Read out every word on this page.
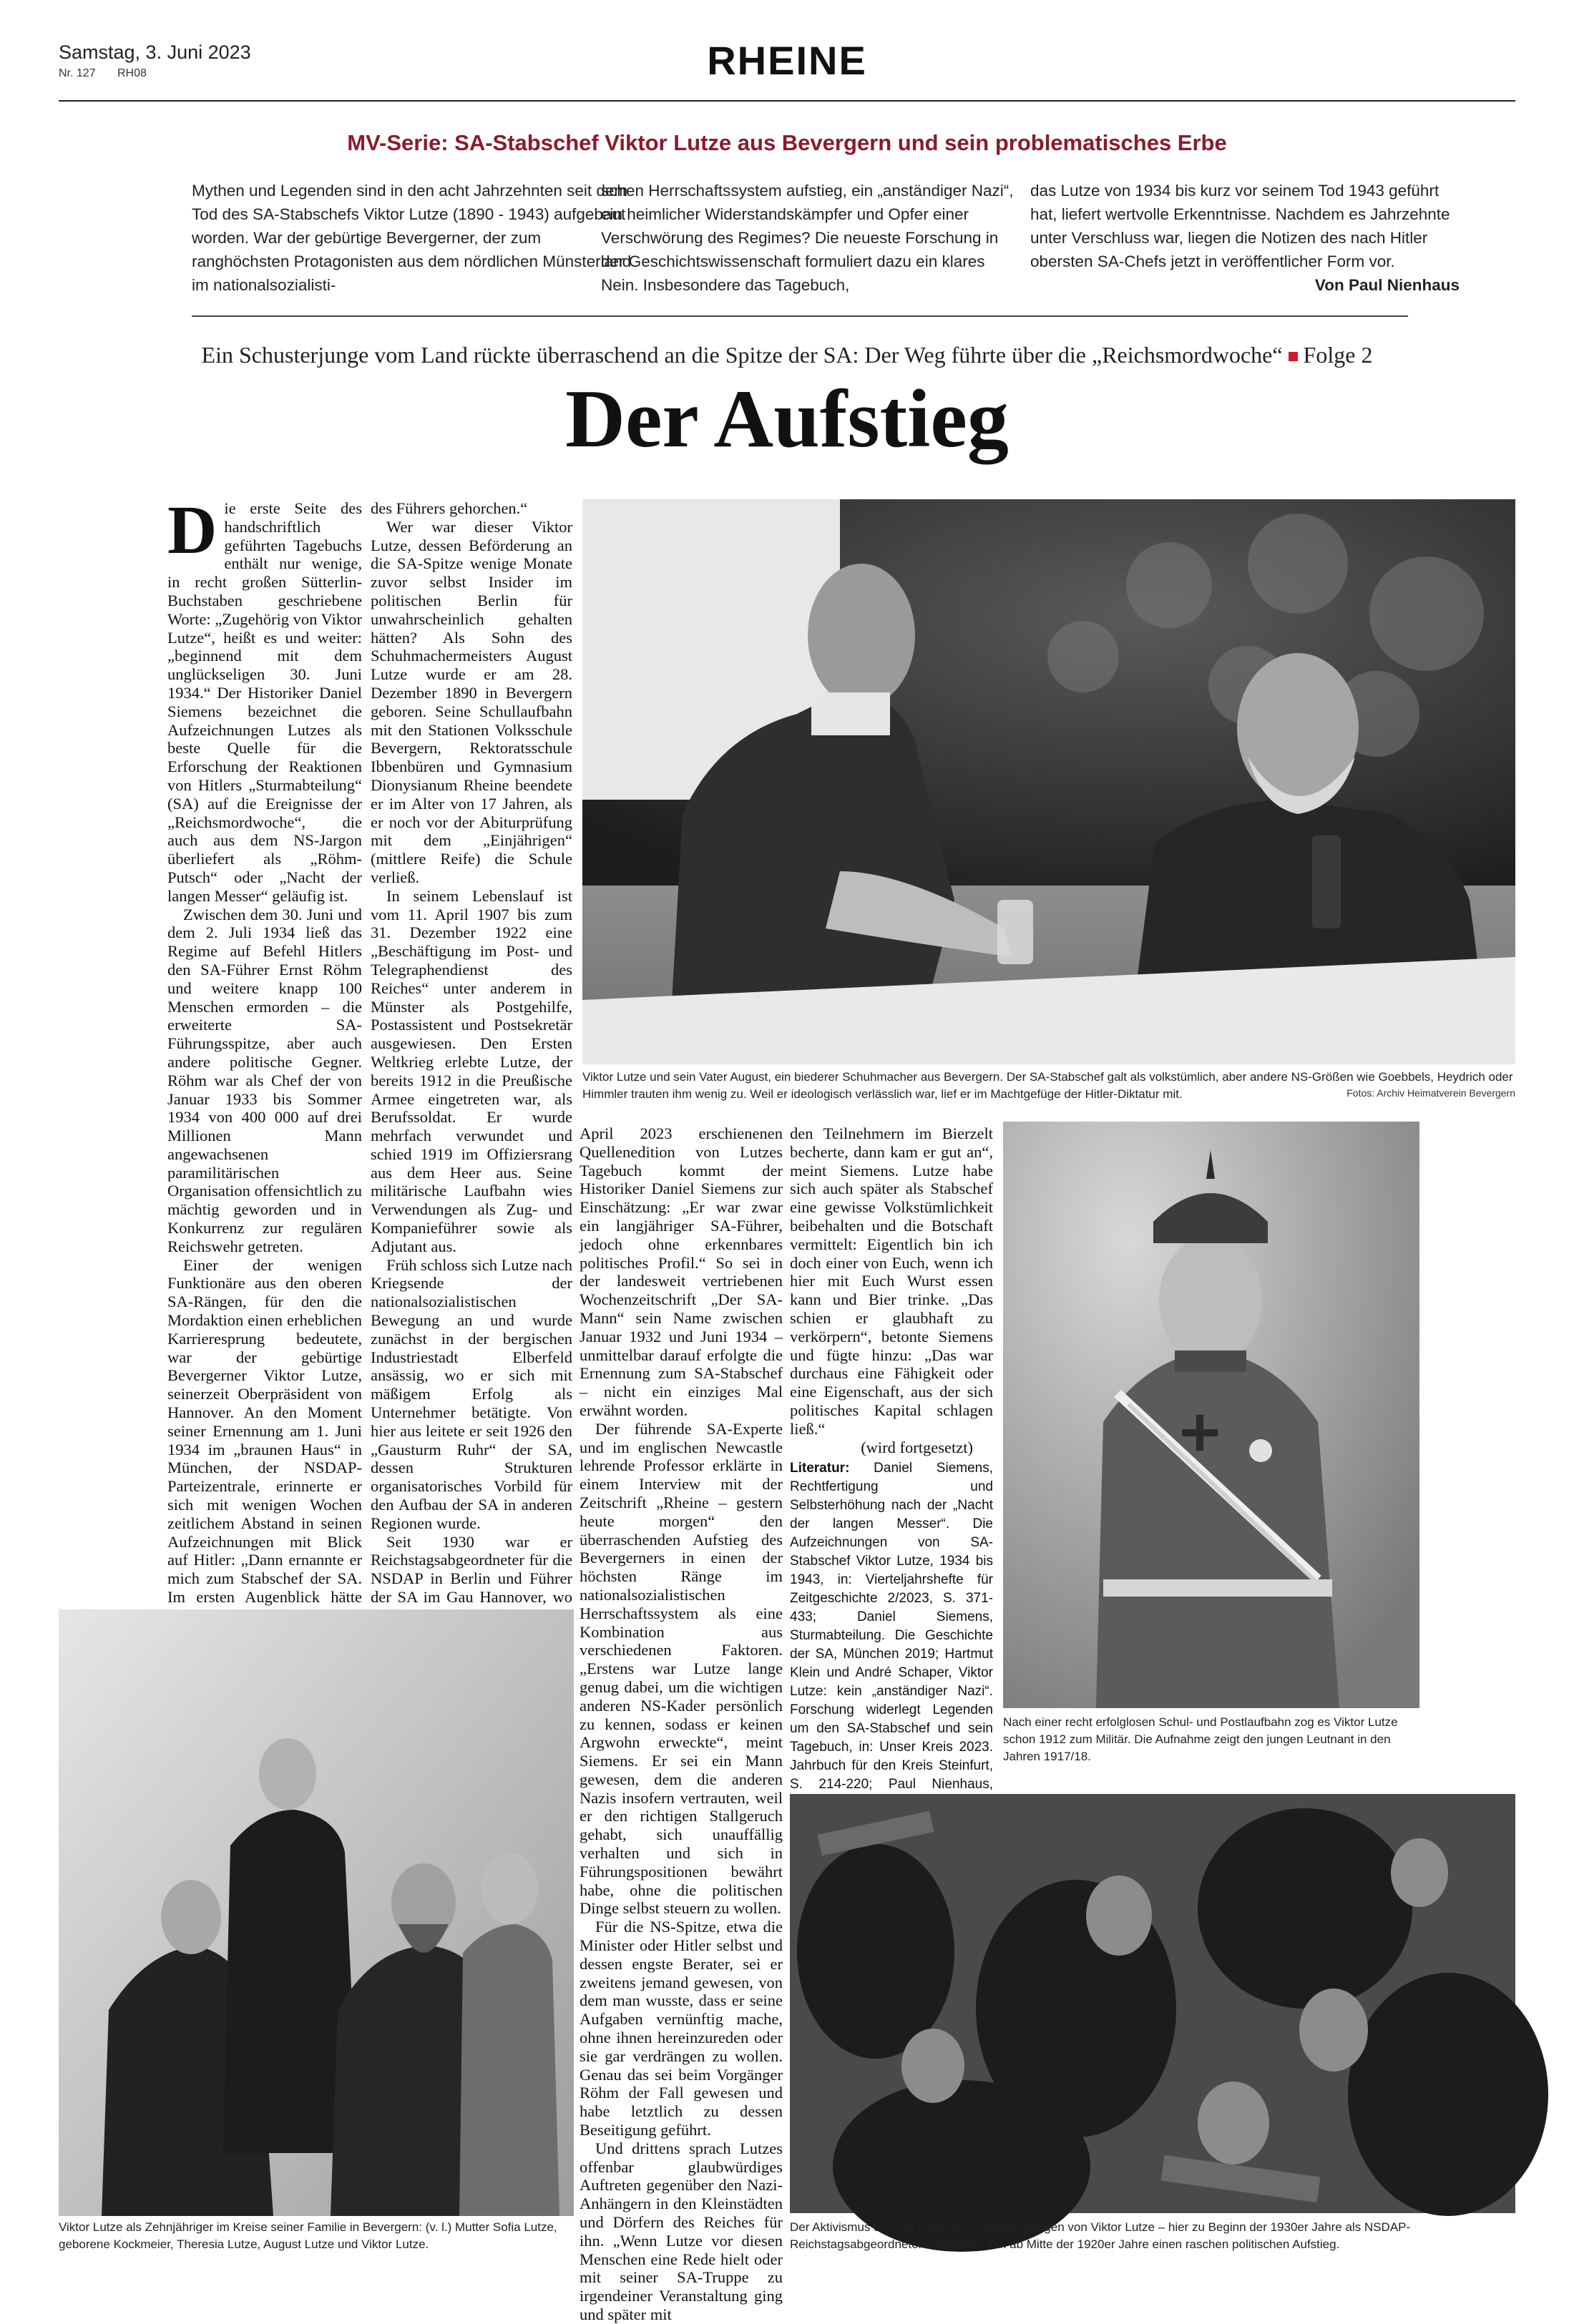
Samstag, 3. Juni 2023
Nr. 127 RH08	RHEINE
MV-Serie: SA-Stabschef Viktor Lutze aus Bevergern und sein problematisches Erbe
Mythen und Legenden sind in den acht Jahrzehnten seit dem Tod des SA-Stabschefs Viktor Lutze (1890 - 1943) aufgebaut worden. War der gebürtige Bevergerner, der zum ranghöchsten Protagonisten aus dem nördlichen Münsterland im nationalsozialisti-
schen Herrschaftssystem aufstieg, ein „anständiger Nazi“, ein heimlicher Widerstandskämpfer und Opfer einer Verschwörung des Regimes? Die neueste Forschung in der Geschichtswissenschaft formuliert dazu ein klares Nein. Insbesondere das Tagebuch,
das Lutze von 1934 bis kurz vor seinem Tod 1943 geführt hat, liefert wertvolle Erkenntnisse. Nachdem es Jahrzehnte unter Verschluss war, liegen die Notizen des nach Hitler obersten SA-Chefs jetzt in veröffentlicher Form vor.
Von Paul Nienhaus
Ein Schusterjunge vom Land rückte überraschend an die Spitze der SA: Der Weg führte über die „Reichsmordwoche“ Folge 2
Der Aufstieg

Die erste Seite des handschriftlich geführten Tagebuchs enthält nur wenige, in recht großen Sütterlin-Buchstaben geschriebene Worte: „Zugehörig von Viktor Lutze“, heißt es und weiter: „beginnend mit dem unglückseligen 30. Juni 1934.“ Der Historiker Daniel Siemens bezeichnet die Aufzeichnungen Lutzes als beste Quelle für die Erforschung der Reaktionen von Hitlers „Sturmabteilung“ (SA) auf die Ereignisse der „Reichsmordwoche“, die auch aus dem NS-Jargon überliefert als „Röhm-Putsch“ oder „Nacht der langen Messer“ geläufig ist.

Zwischen dem 30. Juni und dem 2. Juli 1934 ließ das Regime auf Befehl Hitlers den SA-Führer Ernst Röhm und weitere knapp 100 Menschen ermorden – die erweiterte SA-Führungsspitze, aber auch andere politische Gegner. Röhm war als Chef der von Januar 1933 bis Sommer 1934 von 400 000 auf drei Millionen Mann angewachsenen paramilitärischen Organisation offensichtlich zu mächtig geworden und in Konkurrenz zur regulären Reichswehr getreten.

Einer der wenigen Funktionäre aus den oberen SA-Rängen, für den die Mordaktion einen erheblichen Karrieresprung bedeutete, war der gebürtige Bevergerner Viktor Lutze, seinerzeit Oberpräsident von Hannover. An den Moment seiner Ernennung am 1. Juni 1934 im „braunen Haus“ in München, der NSDAP-Parteizentrale, erinnerte er sich mit wenigen Wochen zeitlichem Abstand in seinen Aufzeichnungen mit Blick auf Hitler: „Dann ernannte er mich zum Stabschef der SA. Im ersten Augenblick hätte

des Führers gehorchen.“

Wer war dieser Viktor Lutze, dessen Beförderung an die SA-Spitze wenige Monate zuvor selbst Insider im politischen Berlin für unwahrscheinlich gehalten hätten? Als Sohn des Schuhmachermeisters August Lutze wurde er am 28. Dezember 1890 in Bevergern geboren. Seine Schullaufbahn mit den Stationen Volksschule Bevergern, Rektoratsschule Ibbenbüren und Gymnasium Dionysianum Rheine beendete er im Alter von 17 Jahren, als er noch vor der Abiturprüfung mit dem „Einjährigen“ (mittlere Reife) die Schule verließ.

In seinem Lebenslauf ist vom 11. April 1907 bis zum 31. Dezember 1922 eine „Beschäftigung im Post- und Telegraphendienst des Reiches“ unter anderem in Münster als Postgehilfe, Postassistent und Postsekretär ausgewiesen. Den Ersten Weltkrieg erlebte Lutze, der bereits 1912 in die Preußische Armee eingetreten war, als Berufssoldat. Er wurde mehrfach verwundet und schied 1919 im Offiziersrang aus dem Heer aus. Seine militärische Laufbahn wies Verwendungen als Zug- und Kompanieführer sowie als Adjutant aus.

Früh schloss sich Lutze nach Kriegsende der nationalsozialistischen Bewegung an und wurde zunächst in der bergischen Industriestadt Elberfeld ansässig, wo er sich mit mäßigem Erfolg als Unternehmer betätigte. Von hier aus leitete er seit 1926 den „Gausturm Ruhr“ der SA, dessen Strukturen organisatorisches Vorbild für den Aufbau der SA in anderen Regionen wurde.

Seit 1930 war er Reichstagsabgeordneter für die NSDAP in Berlin und Führer der SA im Gau Hannover, wo

April 2023 erschienenen Quellenedition von Lutzes Tagebuch kommt der Historiker Daniel Siemens zur Einschätzung: „Er war zwar ein langjähriger SA-Führer, jedoch ohne erkennbares politisches Profil.“ So sei in der landesweit vertriebenen Wochenzeitschrift „Der SA-Mann“ sein Name zwischen Januar 1932 und Juni 1934 – unmittelbar darauf erfolgte die Ernennung zum SA-Stabschef – nicht ein einziges Mal erwähnt worden.

Der führende SA-Experte und im englischen Newcastle lehrende Professor erklärte in einem Interview mit der Zeitschrift „Rheine – gestern heute morgen“ den überraschenden Aufstieg des Bevergerners in einen der höchsten Ränge im nationalsozialistischen Herrschaftssystem als eine Kombination aus verschiedenen Faktoren. „Erstens war Lutze lange genug dabei, um die wichtigen anderen NS-Kader persönlich zu kennen, sodass er keinen Argwohn erweckte“, meint Siemens. Er sei ein Mann gewesen, dem die anderen Nazis insofern vertrauten, weil er den richtigen Stallgeruch gehabt, sich unauffällig verhalten und sich in Führungspositionen bewährt habe, ohne die politischen Dinge selbst steuern zu wollen.

Für die NS-Spitze, etwa die Minister oder Hitler selbst und dessen engste Berater, sei er zweitens jemand gewesen, von dem man wusste, dass er seine Aufgaben vernünftig mache, ohne ihnen hereinzureden oder sie gar verdrängen zu wollen. Genau das sei beim Vorgänger Röhm der Fall gewesen und habe letztlich zu dessen Beseitigung geführt.

Und drittens sprach Lutzes offenbar glaubwürdiges Auftreten gegenüber den Nazi-Anhängern in den Kleinstädten und Dörfern des Reiches für ihn. „Wenn Lutze vor diesen Menschen eine Rede hielt oder mit seiner SA-Truppe zu irgendeiner Veranstaltung ging und später mit

den Teilnehmern im Bierzelt becherte, dann kam er gut an“, meint Siemens. Lutze habe sich auch später als Stabschef eine gewisse Volkstümlichkeit beibehalten und die Botschaft vermittelt: Eigentlich bin ich doch einer von Euch, wenn ich hier mit Euch Wurst essen kann und Bier trinke. „Das schien er glaubhaft zu verkörpern“, betonte Siemens und fügte hinzu: „Das war durchaus eine Fähigkeit oder eine Eigenschaft, aus der sich politisches Kapital schlagen ließ.“

(wird fortgesetzt)
Literatur: Daniel Siemens, Rechtfertigung und Selbsterhöhung nach der „Nacht der langen Messer“. Die Aufzeichnungen von SA-Stabschef Viktor Lutze, 1934 bis 1943, in: Vierteljahrshefte für Zeitgeschichte 2/2023, S. 371-433; Daniel Siemens, Sturmabteilung. Die Geschichte der SA, München 2019; Hartmut Klein und André Schaper, Viktor Lutze: kein „anständiger Nazi“. Forschung widerlegt Legenden um den SA-Stabschef und sein Tagebuch, in: Unser Kreis 2023. Jahrbuch für den Kreis Steinfurt, S. 214-220; Paul Nienhaus,
Viktor Lutze und sein Vater August, ein biederer Schuhmacher aus Bevergern. Der SA-Stabschef galt als volkstümlich, aber andere NS-Größen wie Goebbels, Heydrich oder Himmler trauten ihm wenig zu. Weil er ideologisch verlässlich war, lief er im Machtgefüge der Hitler-Diktatur mit.	Fotos: Archiv Heimatverein Bevergern
Nach einer recht erfolglosen Schul- und Postlaufbahn zog es Viktor Lutze schon 1912 zum Militär. Die Aufnahme zeigt den jungen Leutnant in den Jahren 1917/18.
Viktor Lutze als Zehnjähriger im Kreise seiner Familie in Bevergern: (v. l.) Mutter Sofia Lutze, geborene Kockmeier, Theresia Lutze, August Lutze und Viktor Lutze.
Der Aktivismus und die politischen Überzeugungen von Viktor Lutze – hier zu Beginn der 1930er Jahre als NSDAP-Reichstagsabgeordneter – erlauben ihm ab Mitte der 1920er Jahre einen raschen politischen Aufstieg.
